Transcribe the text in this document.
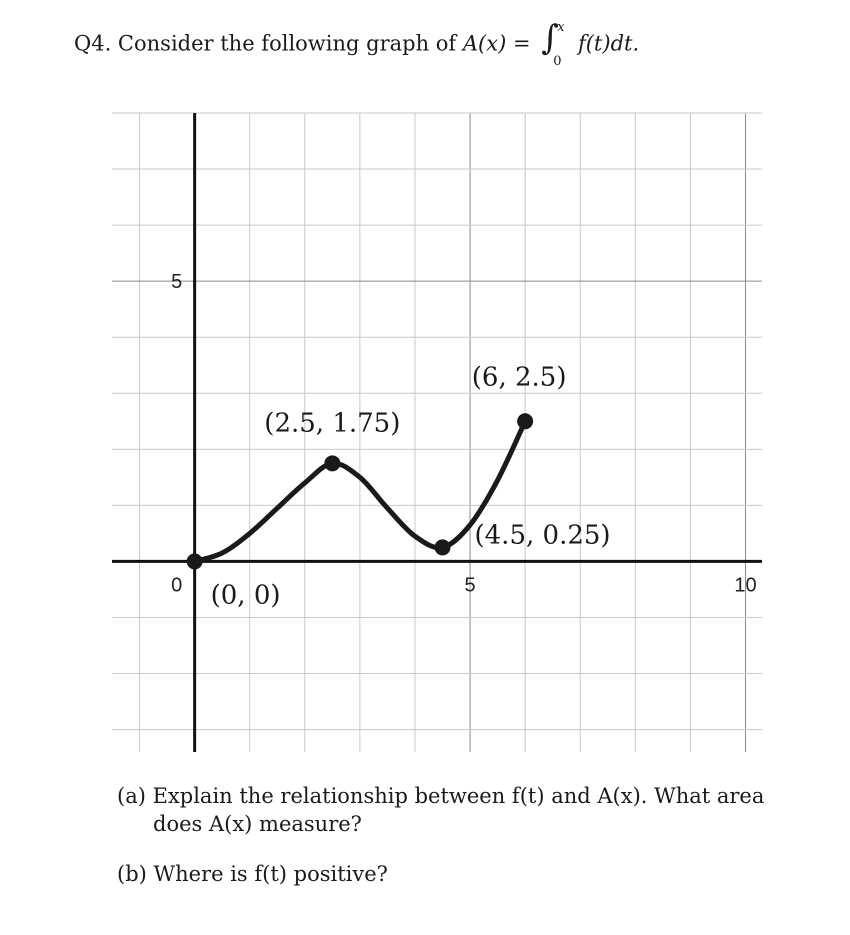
Q4. Consider the following graph of A(x) = ∫
x
0
f(t)dt.
0	5	10
5
(0, 0)
(2.5, 1.75)
(4.5, 0.25)
(6, 2.5)
(a) Explain the relationship between f(t) and A(x). What area
does A(x) measure?
(b) Where is f(t) positive?
